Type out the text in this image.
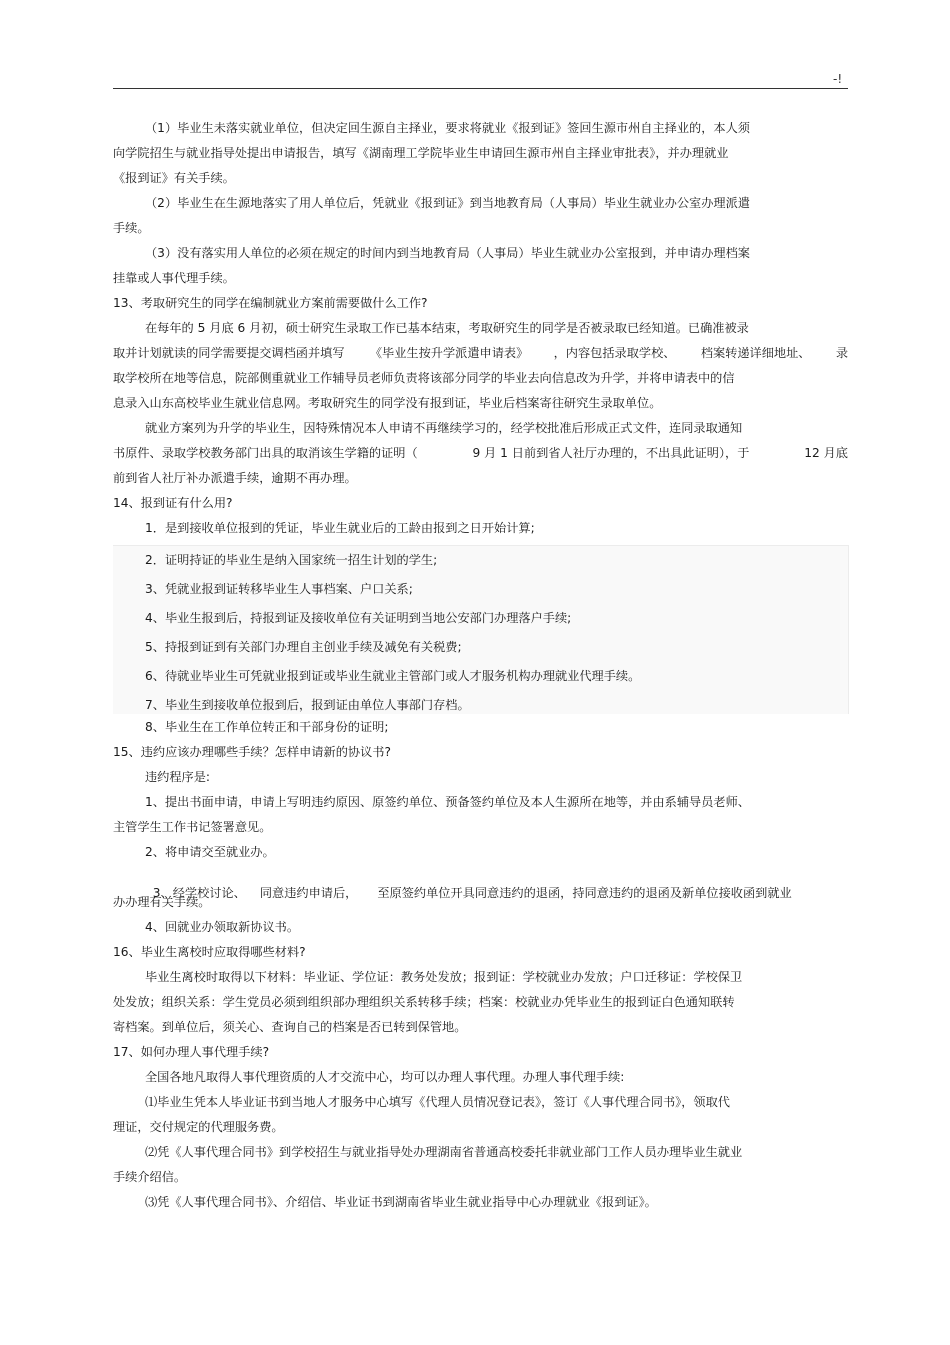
-!
（1）毕业生未落实就业单位，但决定回生源自主择业，要求将就业《报到证》签回生源市州自主择业的，本人须
向学院招生与就业指导处提出申请报告，填写《湖南理工学院毕业生申请回生源市州自主择业审批表》，并办理就业
《报到证》有关手续。
（2）毕业生在生源地落实了用人单位后，凭就业《报到证》到当地教育局（人事局）毕业生就业办公室办理派遣
手续。
（3）没有落实用人单位的必须在规定的时间内到当地教育局（人事局）毕业生就业办公室报到，并申请办理档案
挂靠或人事代理手续。
13、考取研究生的同学在编制就业方案前需要做什么工作?
在每年的 5 月底 6 月初，硕士研究生录取工作已基本结束，考取研究生的同学是否被录取已经知道。已确准被录
取并计划就读的同学需要提交调档函并填写 《毕业生按升学派遣申请表》 ，内容包括录取学校、 档案转递详细地址、 录
取学校所在地等信息，院部侧重就业工作辅导员老师负责将该部分同学的毕业去向信息改为升学，并将申请表中的信
息录入山东高校毕业生就业信息网。考取研究生的同学没有报到证，毕业后档案寄往研究生录取单位。
就业方案列为升学的毕业生，因特殊情况本人申请不再继续学习的，经学校批准后形成正式文件，连同录取通知
书原件、录取学校教务部门出具的取消该生学籍的证明（	9 月 1 日前到省人社厅办理的，不出具此证明），于	12 月底
前到省人社厅补办派遣手续，逾期不再办理。
14、报到证有什么用?
1．是到接收单位报到的凭证，毕业生就业后的工龄由报到之日开始计算;
2．证明持证的毕业生是纳入国家统一招生计划的学生;
3、凭就业报到证转移毕业生人事档案、户口关系;
4、毕业生报到后，持报到证及接收单位有关证明到当地公安部门办理落户手续;
5、持报到证到有关部门办理自主创业手续及减免有关税费;
6、待就业毕业生可凭就业报到证或毕业生就业主管部门或人才服务机构办理就业代理手续。
7、毕业生到接收单位报到后，报到证由单位人事部门存档。
8、毕业生在工作单位转正和干部身份的证明;
15、违约应该办理哪些手续？怎样申请新的协议书?
违约程序是:
1、提出书面申请，申请上写明违约原因、原签约单位、预备签约单位及本人生源所在地等，并由系辅导员老师、
主管学生工作书记签署意见。
2、将申请交至就业办。

3、经学校讨论、 同意违约申请后， 至原签约单位开具同意违约的退函，持同意违约的退函及新单位接收函到就业

办办理有关手续。
4、回就业办领取新协议书。
16、毕业生离校时应取得哪些材料?
毕业生离校时取得以下材料：毕业证、学位证：教务处发放；报到证：学校就业办发放；户口迁移证：学校保卫
处发放；组织关系：学生党员必须到组织部办理组织关系转移手续；档案：校就业办凭毕业生的报到证白色通知联转
寄档案。到单位后，须关心、查询自己的档案是否已转到保管地。
17、如何办理人事代理手续?
全国各地凡取得人事代理资质的人才交流中心，均可以办理人事代理。办理人事代理手续:
⑴毕业生凭本人毕业证书到当地人才服务中心填写《代理人员情况登记表》，签订《人事代理合同书》，领取代
理证，交付规定的代理服务费。
⑵凭《人事代理合同书》到学校招生与就业指导处办理湖南省普通高校委托非就业部门工作人员办理毕业生就业
手续介绍信。
⑶凭《人事代理合同书》、介绍信、毕业证书到湖南省毕业生就业指导中心办理就业《报到证》。
